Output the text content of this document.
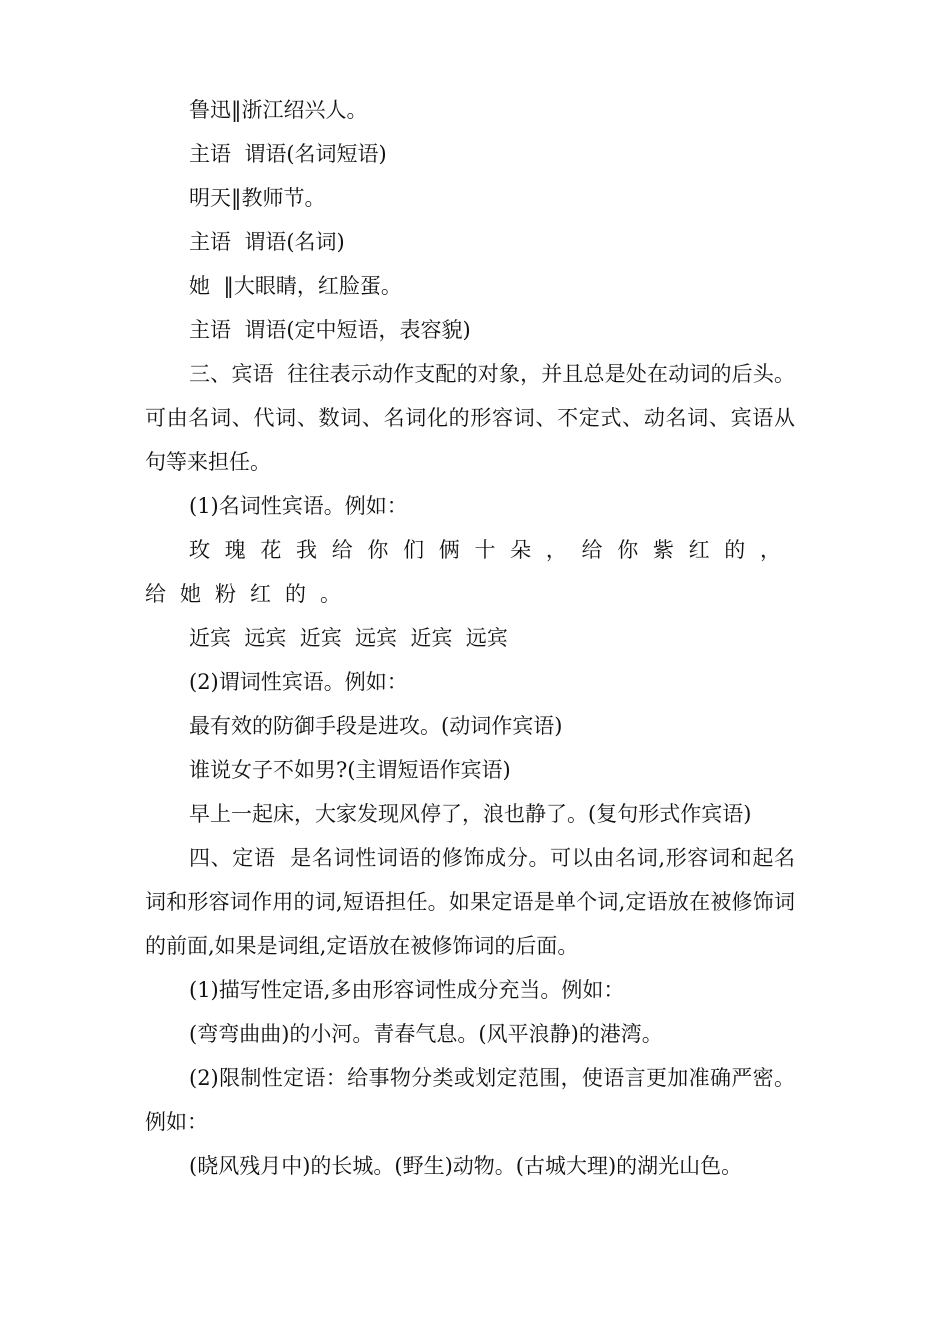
鲁迅‖浙江绍兴人。
主语  谓语(名词短语)
明天‖教师节。
主语  谓语(名词)
她  ‖大眼睛，红脸蛋。
主语  谓语(定中短语，表容貌)
三、宾语  往往表示动作支配的对象，并且总是处在动词的后头。可由名词、代词、数词、名词化的形容词、不定式、动名词、宾语从句等来担任。
(1)名词性宾语。例如：
玫瑰花我给你们俩十朵，给你紫红的，给她粉红的。
近宾  远宾  近宾  远宾  近宾  远宾
(2)谓词性宾语。例如：
最有效的防御手段是进攻。(动词作宾语)
谁说女子不如男?(主谓短语作宾语)
早上一起床，大家发现风停了，浪也静了。(复句形式作宾语)
四、定语  是名词性词语的修饰成分。可以由名词,形容词和起名词和形容词作用的词,短语担任。如果定语是单个词,定语放在被修饰词的前面,如果是词组,定语放在被修饰词的后面。
(1)描写性定语,多由形容词性成分充当。例如：
(弯弯曲曲)的小河。青春气息。(风平浪静)的港湾。
(2)限制性定语：给事物分类或划定范围，使语言更加准确严密。例如：
(晓风残月中)的长城。(野生)动物。(古城大理)的湖光山色。
